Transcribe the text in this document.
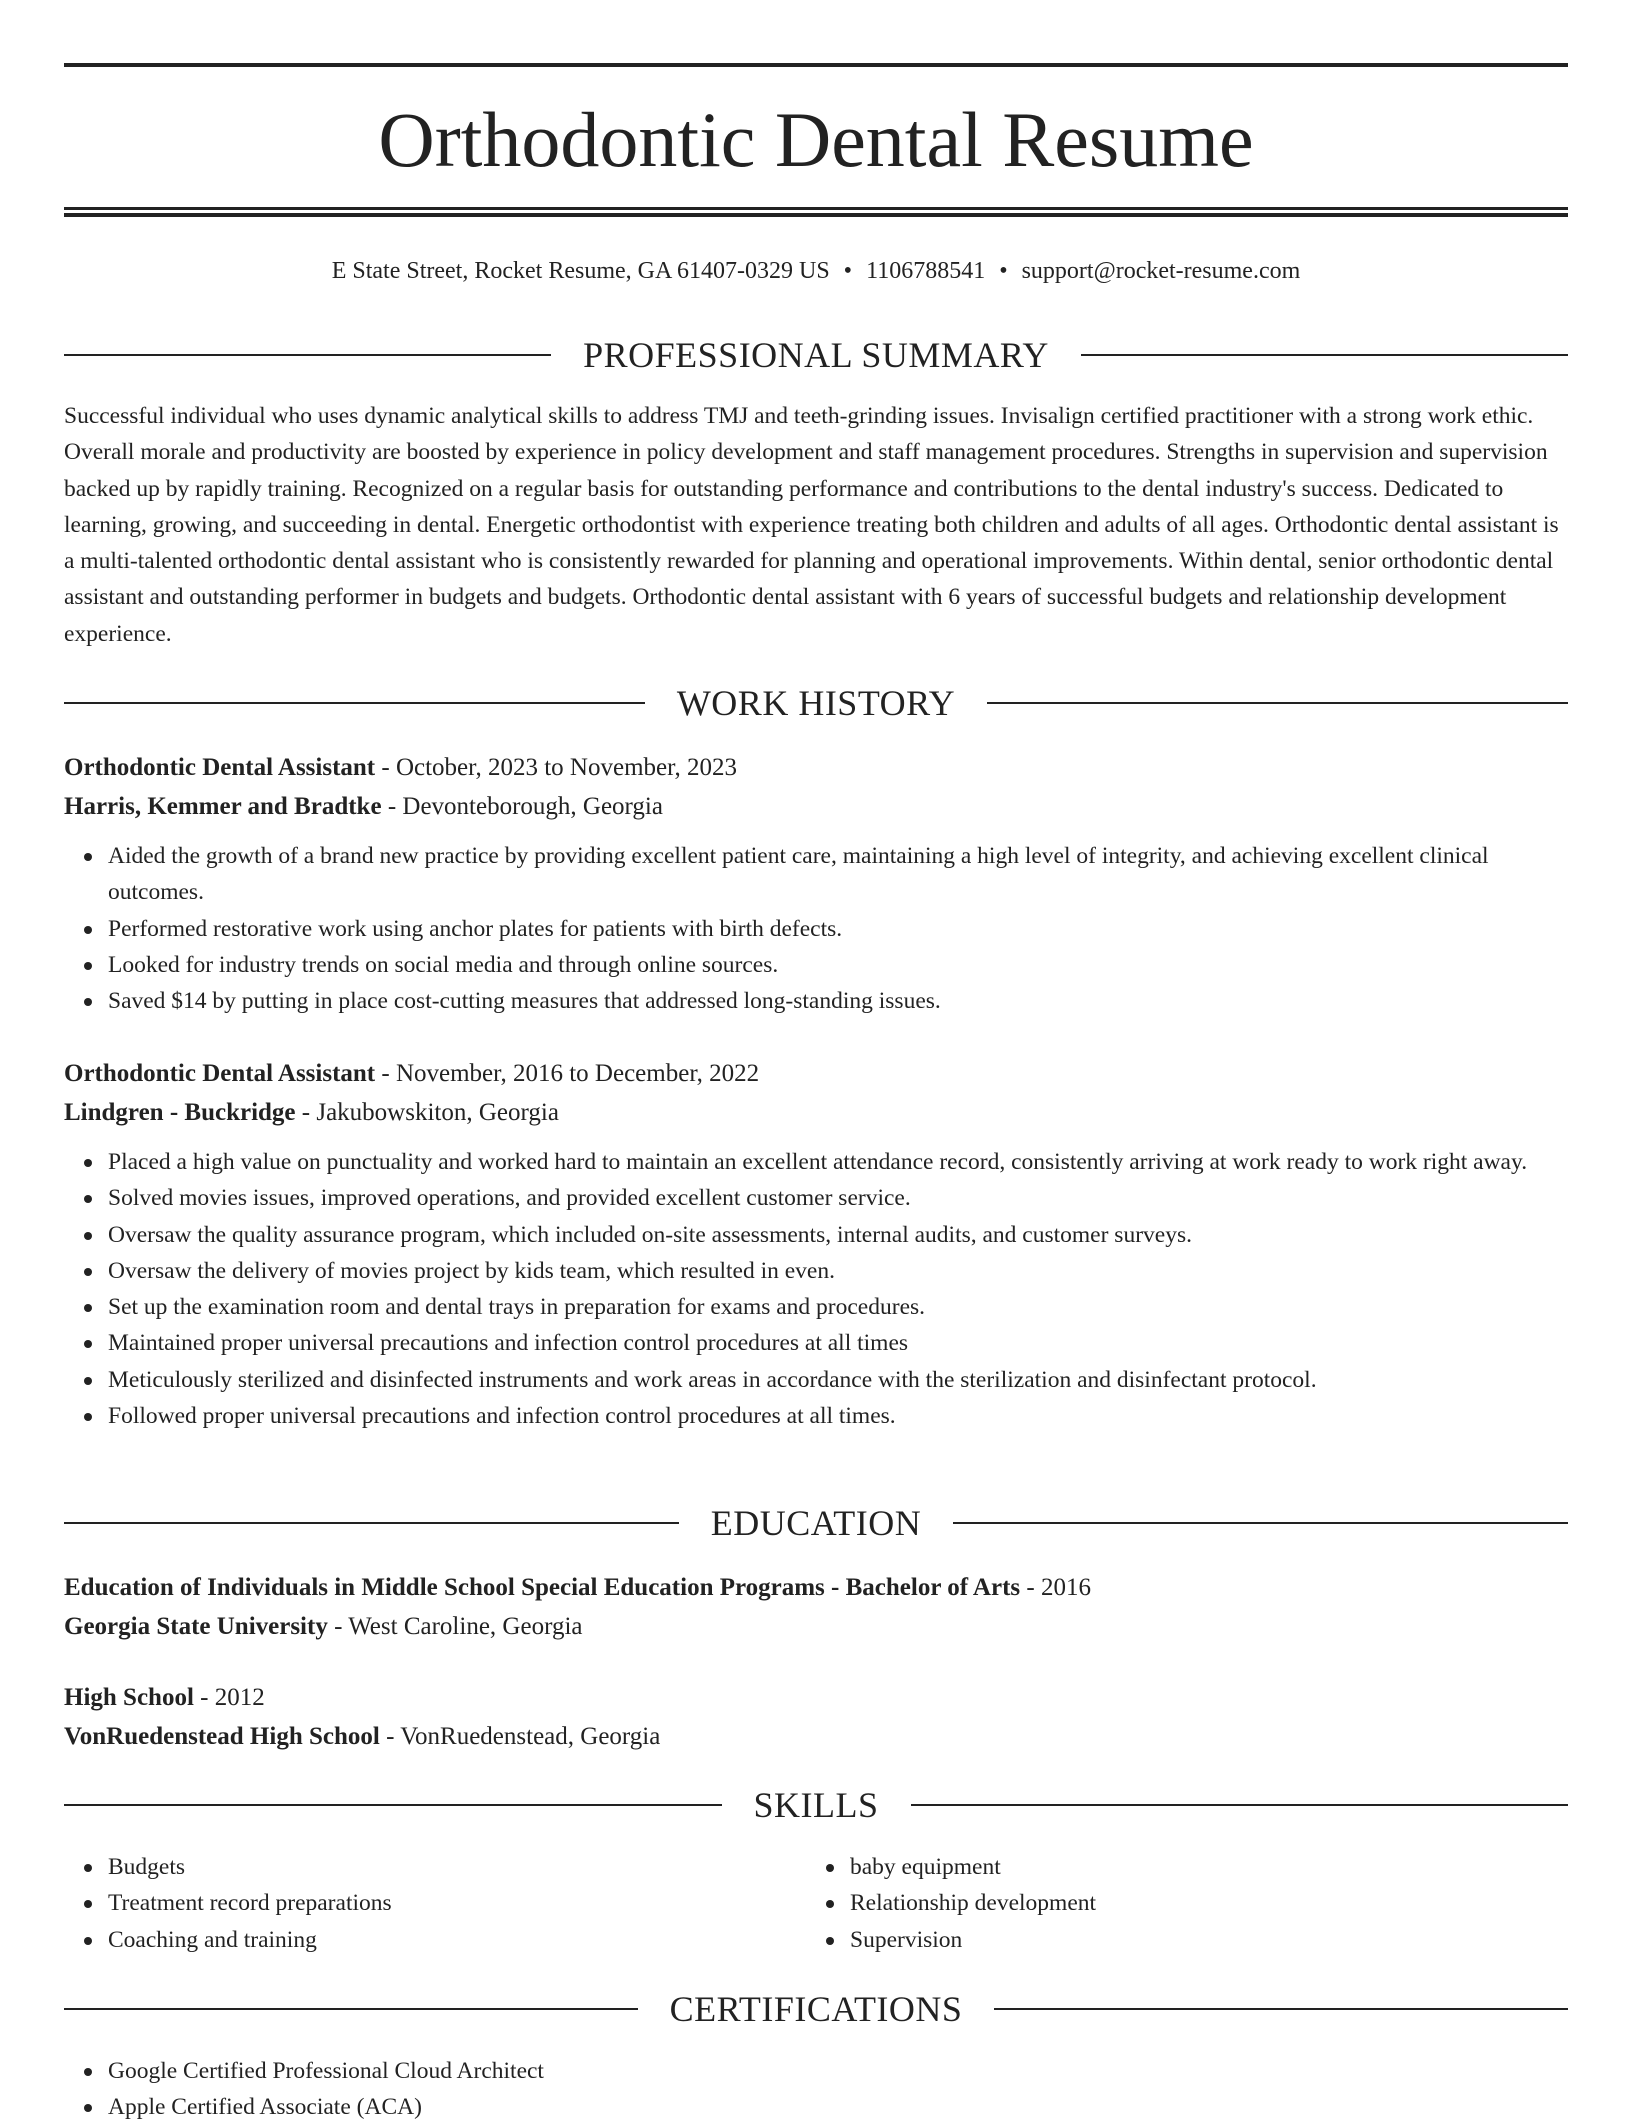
Orthodontic Dental Resume
E State Street, Rocket Resume, GA 61407-0329 US • 1106788541 • support@rocket-resume.com
PROFESSIONAL SUMMARY

Successful individual who uses dynamic analytical skills to address TMJ and teeth-grinding issues. Invisalign certified practitioner with a strong work ethic. Overall morale and productivity are boosted by experience in policy development and staff management procedures. Strengths in supervision and supervision backed up by rapidly training. Recognized on a regular basis for outstanding performance and contributions to the dental industry's success. Dedicated to learning, growing, and succeeding in dental. Energetic orthodontist with experience treating both children and adults of all ages. Orthodontic dental assistant is a multi-talented orthodontic dental assistant who is consistently rewarded for planning and operational improvements. Within dental, senior orthodontic dental assistant and outstanding performer in budgets and budgets. Orthodontic dental assistant with 6 years of successful budgets and relationship development experience.

WORK HISTORY
Orthodontic Dental Assistant - October, 2023 to November, 2023
Harris, Kemmer and Bradtke - Devonteborough, Georgia
Aided the growth of a brand new practice by providing excellent patient care, maintaining a high level of integrity, and achieving excellent clinical outcomes.
Performed restorative work using anchor plates for patients with birth defects.
Looked for industry trends on social media and through online sources.
Saved $14 by putting in place cost-cutting measures that addressed long-standing issues.
Orthodontic Dental Assistant - November, 2016 to December, 2022
Lindgren - Buckridge - Jakubowskiton, Georgia
Placed a high value on punctuality and worked hard to maintain an excellent attendance record, consistently arriving at work ready to work right away.
Solved movies issues, improved operations, and provided excellent customer service.
Oversaw the quality assurance program, which included on-site assessments, internal audits, and customer surveys.
Oversaw the delivery of movies project by kids team, which resulted in even.
Set up the examination room and dental trays in preparation for exams and procedures.
Maintained proper universal precautions and infection control procedures at all times
Meticulously sterilized and disinfected instruments and work areas in accordance with the sterilization and disinfectant protocol.
Followed proper universal precautions and infection control procedures at all times.
EDUCATION
Education of Individuals in Middle School Special Education Programs - Bachelor of Arts - 2016
Georgia State University - West Caroline, Georgia
High School - 2012
VonRuedenstead High School - VonRuedenstead, Georgia
SKILLS
Budgets
Treatment record preparations
Coaching and training
baby equipment
Relationship development
Supervision
CERTIFICATIONS
Google Certified Professional Cloud Architect
Apple Certified Associate (ACA)
